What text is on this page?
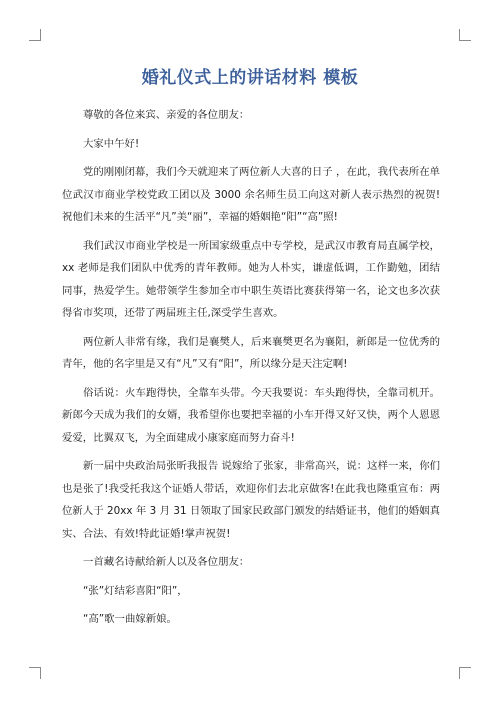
婚礼仪式上的讲话材料 模板

尊敬的各位来宾、亲爱的各位朋友：

大家中午好!

党的刚刚闭幕，我们今天就迎来了两位新人大喜的日子 ，在此，我代表所在单位武汉市商业学校党政工团以及 3000 余名师生员工向这对新人表示热烈的祝贺!祝他们未来的生活平“凡”美“丽”，幸福的婚姻艳“阳”“高”照!

我们武汉市商业学校是一所国家级重点中专学校，是武汉市教育局直属学校，xx 老师是我们团队中优秀的青年教师。她为人朴实，谦虚低调，工作勤勉，团结同事，热爱学生。她带领学生参加全市中职生英语比赛获得第一名，论文也多次获得省市奖项，还带了两届班主任,深受学生喜欢。

两位新人非常有缘，我们是襄樊人，后来襄樊更名为襄阳，新郎是一位优秀的青年，他的名字里是又有“凡”又有“阳”，所以缘分是天注定啊!

俗话说：火车跑得快，全靠车头带。今天我要说：车头跑得快，全靠司机开。新郎今天成为我们的女婿，我希望你也要把幸福的小车开得又好又快，两个人恩恩爱爱，比翼双飞，为全面建成小康家庭而努力奋斗!

新一届中央政治局张昕我报告 说嫁给了张家，非常高兴，说：这样一来，你们也是张了!我受托我这个证婚人带话，欢迎你们去北京做客!在此我也隆重宣布：两位新人于 20xx 年 3 月 31 日领取了国家民政部门颁发的结婚证书，他们的婚姻真实、合法、有效!特此证婚!掌声祝贺!

一首藏名诗献给新人以及各位朋友：

“张”灯结彩喜阳“阳”，

“高”歌一曲嫁新娘。
